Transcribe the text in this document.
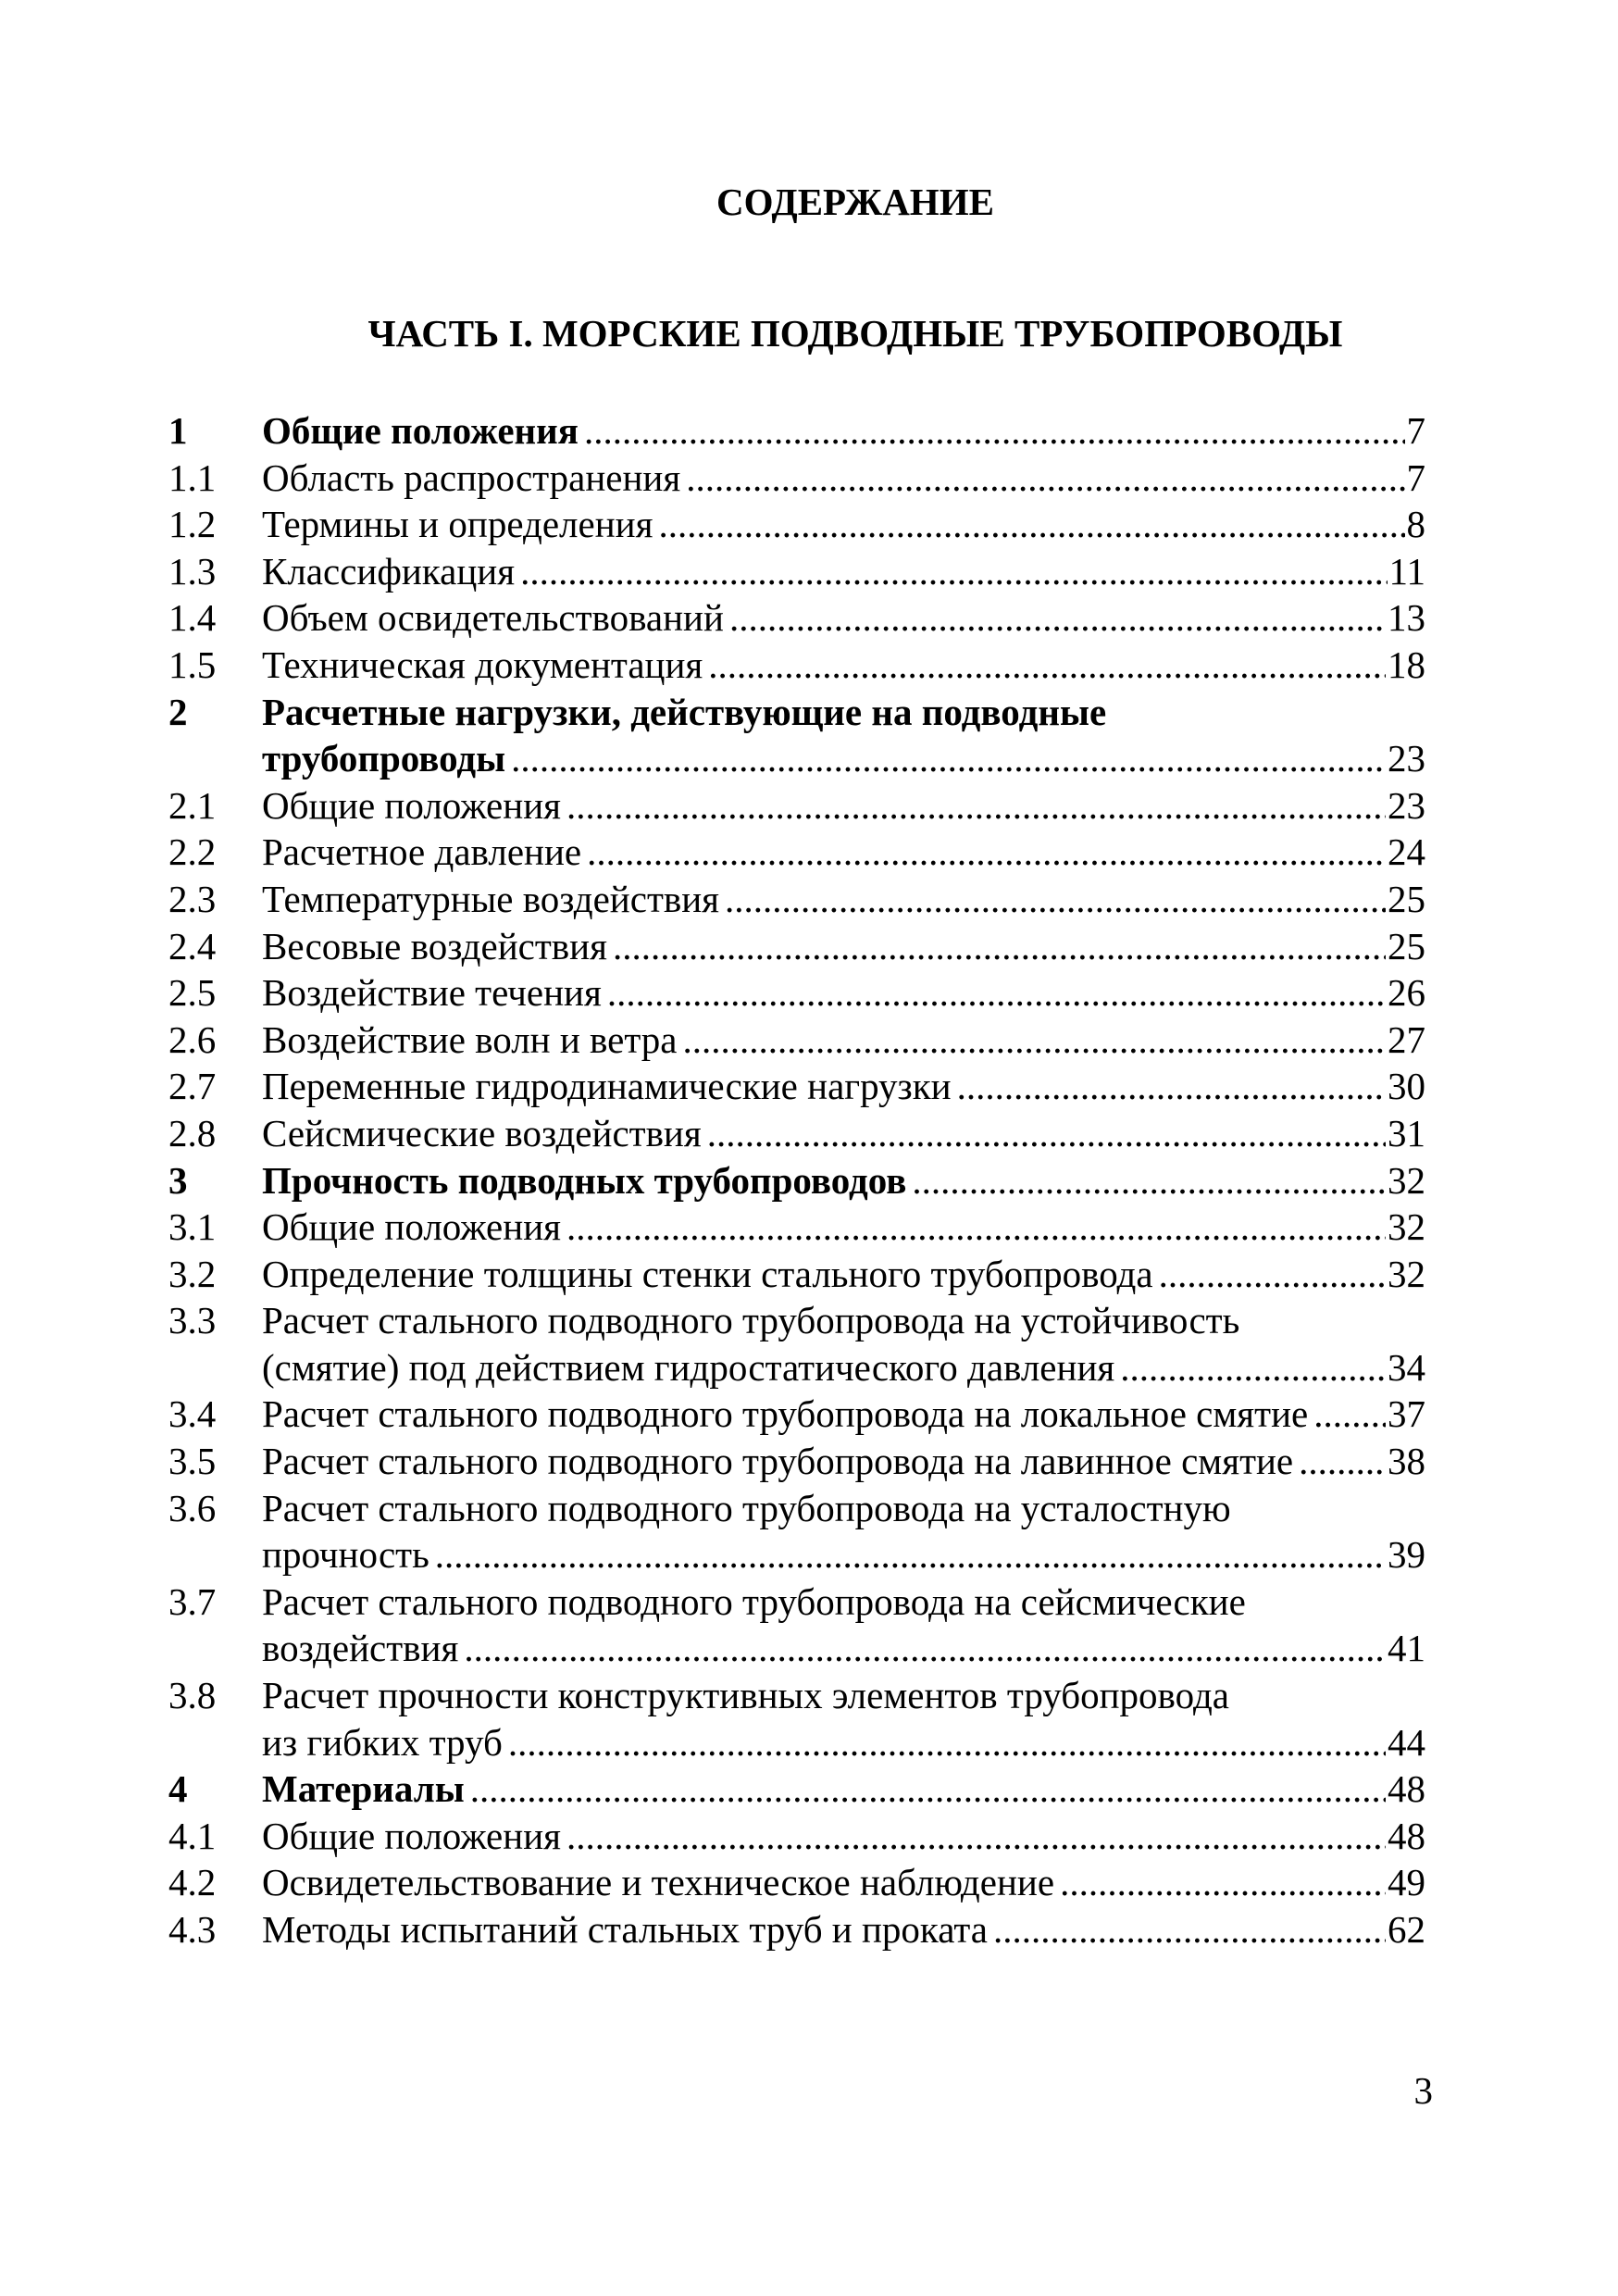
СОДЕРЖАНИЕ
ЧАСТЬ I. МОРСКИЕ ПОДВОДНЫЕ ТРУБОПРОВОДЫ
1	Общие положения .....	7
1.1	Область распространения .....	7
1.2	Термины и определения .....	8
1.3	Классификация .....	11
1.4	Объем освидетельствований .....	13
1.5	Техническая документация .....	18
2	Расчетные нагрузки, действующие на подводные
трубопроводы .....	23
2.1	Общие положения .....	23
2.2	Расчетное давление .....	24
2.3	Температурные воздействия .....	25
2.4	Весовые воздействия .....	25
2.5	Воздействие течения .....	26
2.6	Воздействие волн и ветра .....	27
2.7	Переменные гидродинамические нагрузки .....	30
2.8	Сейсмические воздействия .....	31
3	Прочность подводных трубопроводов .....	32
3.1	Общие положения .....	32
3.2	Определение толщины стенки стального трубопровода .....	32
3.3	Расчет стального подводного трубопровода на устойчивость
(смятие) под действием гидростатического давления .....	34
3.4	Расчет стального подводного трубопровода на локальное смятие ..... 37
3.5	Расчет стального подводного трубопровода на лавинное смятие ..... 38
3.6	Расчет стального подводного трубопровода на усталостную
прочность .....	39
3.7	Расчет стального подводного трубопровода на сейсмические
воздействия .....	41
3.8	Расчет прочности конструктивных элементов трубопровода
из гибких труб .....	44
4	Материалы .....	48
4.1	Общие положения .....	48
4.2	Освидетельствование и техническое наблюдение .....	49
4.3	Методы испытаний стальных труб и проката .....	62
3
